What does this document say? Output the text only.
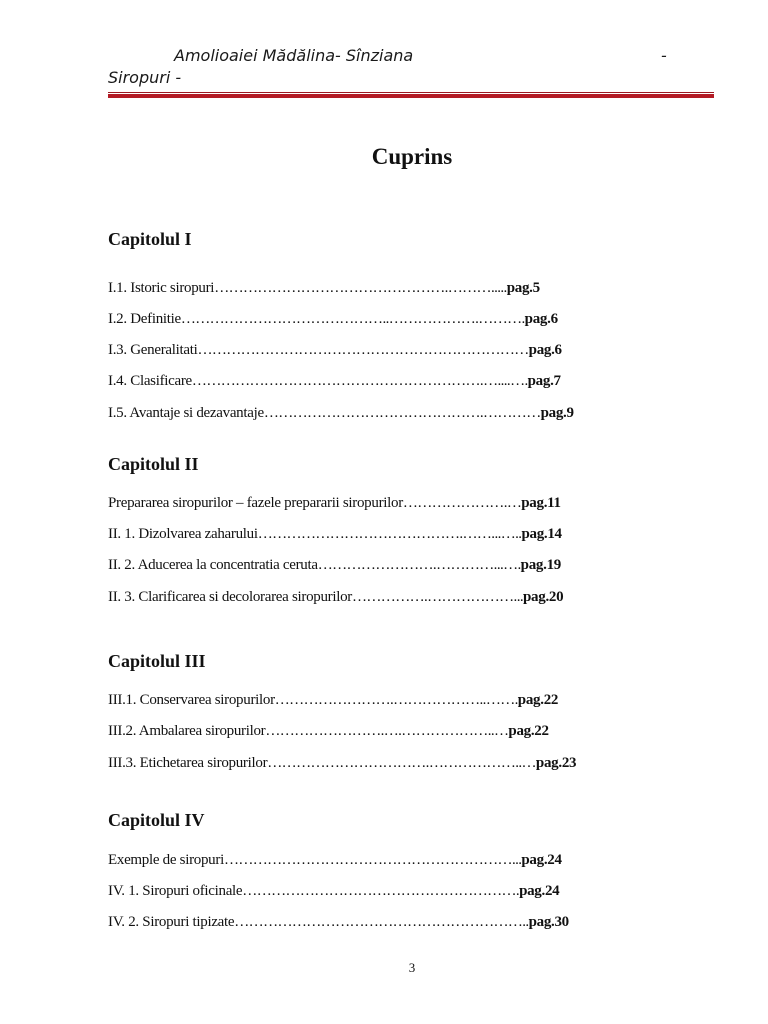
Amolioaiei Mădălina- Sînziana	-
Siropuri -
Cuprins
Capitolul I
I.1. Istoric siropuri………………………………………….……….....pag.5
I.2. Definitie……………………………………..……………….……….pag.6
I.3. Generalitati……………………………………………………………pag.6
I.4. Clasificare…………………………………………………….…....….pag.7
I.5. Avantaje si dezavantaje……………………………………….…………pag.9
Capitolul II
Prepararea siropurilor – fazele prepararii siropurilor………………….…pag.11
II. 1. Dizolvarea zaharului…………………………………….……...…..pag.14
II. 2. Aducerea la concentratia ceruta…………………….…………...….pag.19
II. 3. Clarificarea si decolorarea siropurilor…………….………………...pag.20
Capitolul III
III.1. Conservarea siropurilor…………………….………………..…….pag.22
III.2. Ambalarea siropurilor…………………….….………………..…pag.22
III.3. Etichetarea siropurilor…………………………….………………..…pag.23
Capitolul IV
Exemple de siropuri……………………………………………………...pag.24
IV. 1. Siropuri oficinale………………………………………………….pag.24
IV. 2. Siropuri tipizate……………………………………………………..pag.30
3
